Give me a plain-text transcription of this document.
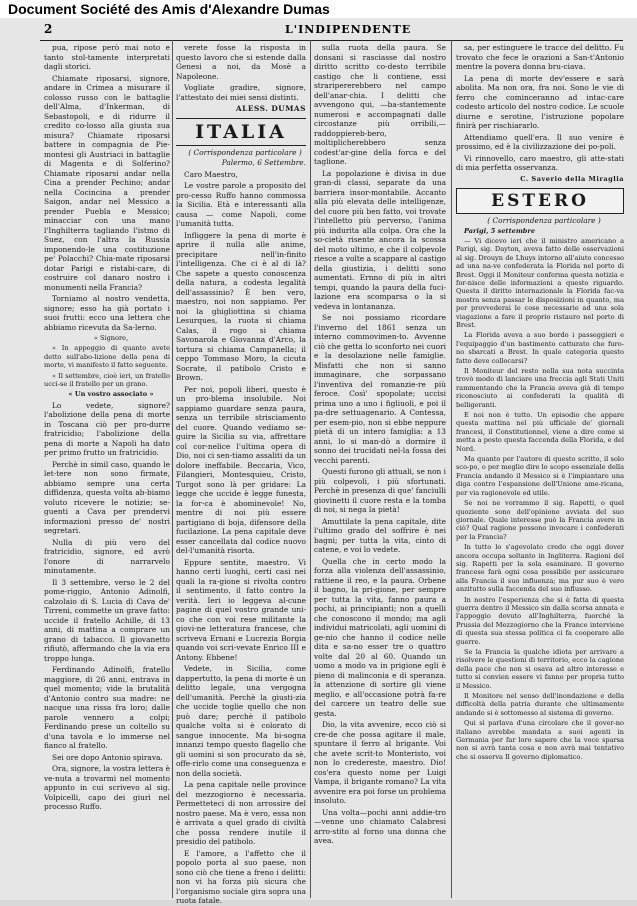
Document Société des Amis d'Alexandre Dumas
2	L'INDIPENDENTE

pua, ripose però mai noto e tanto stol-tamente interpretati dagli storici.

Chiamate riposarsi, signore, andare in Crimea a misurare il colosso russo con le battaglie dell'Alma, d'Inkerman, di Sebastopoli, e di ridurre il credito co-losso alla giusta sua misura? Chiamate riposarsi battere in compagnia de Pie-montesi gli Austriaci in battaglie di Magenta e di Solferino? Chiamate riposarsi andar nella Cina a prender Pechino; andar nella Cocincina a prender Saigon, andar nel Messico a prender Puebla e Messico; minacciar con una mano l'Inghilterra tagliando l'istmo di Suez, con l'altra la Russia imponendo-le una costituzione pe' Polacchi? Chia-mate riposarsi dotar Parigi e ristabi-care, di costruire col danaro nostro i monumenti nella Francia?

Torniamo al nostro vendetta, signore; esso ha già portato i suoi frutti: ecco una lettera che abbiamo ricevuta da Sa-lerno.

« Signore,

« In appoggio di quanto avete detto sull'abo-lizione della pena di morte, vi manifesto il fatto seguente.

« Il settembre, cioè ieri, un fratello ucci-se il fratello per un grano.

« Un vostro associato »

Lo vedete, signore? l'abolizione della pena di morte in Toscana ciò per pro-durre fratricidio; l'abolizione della pena di morte a Napoli ha dato per primo frutto un fratricidio.

Perchè in simil caso, quando le let-tere non sono firmate, abbiamo sempre una certa diffidenza, questa volta ab-biamo voluto ricevere le notizie; se-guenti a Cava per prendervi informazioni presso de' nostri segretari.

Nulla di più vero del fratricidio, signore, ed avrò l'onore di narrarvelo minutamente.

Il 3 settembre, verso le 2 del pome-riggio, Antonio Adinolfi, calzolaio di S. Lucia di Cava de' Tirreni, commette un grave fatto: uccide il fratello Achille, di 13 anni, di mattina a comprare un grano di tabacco. Il giovanetto rifiutò, affermando che la via era troppo lunga.

Ferdinando Adinolfi, fratello maggiore, di 26 anni, entrava in quel momento; vide la brutalità d'Antonio contro sua madre: ne nacque una rissa fra loro; dalle parole vennero a colpi; Ferdinando prese un coltello su d'una tavola e lo immerse nel fianco al fratello.

Sei ore dopo Antonio spirava.

Ora, signore, la vostra lettera è ve-nuta a trovarmi nel momento appunto in cui scrivevo al sig. Volpicelli, capo dei giurì nel processo Ruffo.

verete fosse la risposta in questo lavoro che si estende dalla Genesi a noi, da Mosè a Napoleone.

Vogliate gradire, signore, l'attestato dei miei sensi distinti.

ALESS. DUMAS

ITALIA

( Corrispondenza particolare )

Palermo, 6 Settembre.

Caro Maestro,

Le vostre parole a proposito del pro-cesso Ruffo hanno commossa la Sicilia. Età e interessanti alla causa — come Napoli, come l'umanità tutta.

Infliggere la pena di morte è aprire il nulla alle anime, precipitare nell'in-finito l'intelligenza. Che ci è al di là? Che sapete a questo conoscenza della natura, a codesta legalità dell'assassinio? È ben vero, maestro, noi non sappiamo. Per noi la ghigliottina si chiama Lesurques, la ruota si chiama Calas, il rogo si chiama Savonarola e Giovanna d'Arco, la tortura si chiama Campanella; il ceppo Tommaso Moro, la cicuta Socrate, il patibolo Cristo e Brown.

Per noi, popoli liberi, questo è un pro-blema insolubile. Noi sappiamo guardare senza paura, senza un terribile strisciamento del cuore. Quando vediamo se-guire la Sicilia su via, affrettare col cor-nelice l'ultima opera di Dio, noi ci sen-tiamo assaliti da un dolore ineffabile. Beccaria, Vico, Filangieri, Montesquieu, Cristo, Turgot sono là per gridare: La legge che uccide è legge funesta, la for-ca è abominevole! No, mentre di noi più essere partigiano di boja, difensore della fucilazione. La pena capitale deve esser cancellata dal codice nuovo del-l'umanità risorta.

Eppure sentite, maestro. Vi hanno certi luoghi, certi casi nei quali la ra-gione si rivolta contro il sentimento, il fatto contro la verità. Ieri io leggeva al-cune pagine di quel vostro grande uni-co che con voi rese militante la giovi-ne letteratura francese, che scriveva Ernani e Lucrezia Borgia quando voi scri-vevate Enrico III e Antony. Ebbene!

Vedete, in Sicilia, come dappertutto, la pena di morte è un delitto legale, una vergogna dell'umanità. Perchè la giusti-zia che uccide toglie quello che non può dare; perchè il patibolo qualche volta si è colorato di sangue innocente. Ma bi-sogna innanzi tempo questo flagello che gli uomini si son procurato da sè, offe-rirlo come una conseguenza e non della società.

La pena capitale nelle province del mezzogiorno è necessaria. Permetteteci di non arrossire del nostro paese. Ma è vero, essa non è arrivata a quel grado di civiltà che possa rendere inutile il presidio del patibolo.

E l'amore, a l'affetto che il popolo porta al suo paese, non sono ciò che tiene a freno i delitti: non vi ha forza più sicura che l'organismo sociale gira sopra una ruota fatale.

sulla ruota della paura. Se donsani si rasciasse dal nostro diritto scritto co-desto terribile castigo che li contiene, essi straripererebbero nel campo dell'anar-chia. I delitti che avvengono qui, —ba-stantemente numerosi e accompagnati dalle circostanze più orribili,—raddoppiereb-bero, moltiplicherebbero senza codest'ar-gine della forca e del taglione.

La popolazione è divisa in due gran-di classi, separate da una barriera insor-montabile. Accanto alla più elevata delle intelligenze, del cuore più ben fatto, voi trovate l'intelletto più perverso, l'anima più indurita alla colpa. Ora che la so-cietà risente ancora la scossa del moto ultimo, e che il colpevole riesce a volte a scappare al castigo della giustizia, i delitti sono aumentati. Ernno di più in altri tempi, quando la paura della fuci-lazione era scomparsa o la si vedeva in lontananza.

Se noi possiamo ricordare l'inverno del 1861 senza un interno commovimen-to. Avvenne ciò che getta lo sconforto nei cuori e la desolazione nelle famiglie. Misfatti che non si sanno immaginare, che sorpassano l'inventiva del romanzie-re più feroce. Così' spopolate; uccisi prima uno a uno i figliuoli, e poi il pa-dre settuagenario. A Contessa, per esem-pio, non si ebbe neppure pietà di un intero famiglia: a 13 anni, lo si man-dò a dormire il sonno dei trucidati nel-la fossa dei vecchi parenti.

Questi furono gli attuali, se non i più colpevoli, i più sfortunati. Perchè in presenza di que' fanciulli giovinetti il cuore resta e la tomba di noi, si nega la pietà!

Amuttilate la pena capitale, dite l'ultimo grado del soffrire è nei bagni; per tutta la vita, cinto di catene, e voi lo vedete.

Quella che in certo modo la forza alla violenza dell'assassinio, rattiene il reo, e la paura. Orbene il bagno, la pri-gione, per sempre per tutta la vita, fanno paura a pochi, ai principianti; non a quelli che conoscono il mondo; ma agli individui matricolati, agli uomini di ge-nio che hanno il codice nelle dita e sa-no esser tre o quattro volte dal 20 al 60. Quando un uomo a modo va in prigione egli è pieno di malinconia e di speranza. la attenzione di sortire gli viene meglio, e all'occasione potrà fa-re del carcere un teatro delle sue gesta.

Dio, la vita avvenire, ecco ciò si cre-de che possa agitare il male, spuntare il ferro al brigante. Voi che avete scrit-to Monteristo, voi non lo credereste, maestro. Dio! cos'era questo nome per Luigi Vampa, il brigante romano? La vita avvenire era poi forse un problema insoluto.

Una volta—pochi anni addie-tro—venne uno chiamato Calabresi arro-stito al forno una donna che avea.

sa, per estinguere le tracce del delitto. Fu trovato che fece le orazioni a San-t'Antonio mentre la povera donna bru-ciava.

La pena di morte dev'essere e sarà abolita. Ma non ora, fra noi. Sono le vie di ferro che cominceranno ad intac-care codesto articolo del nostro codice. Le scuole diurne e serotine, l'istruzione popolare finirà per rischiararlo.

Attendiamo quell'era. Il suo venire è prossimo, ed è la civilizzazione dei po-poli.

Vi rinnovello, caro maestro, gli atte-stati di mia perfetta osservanza.

C. Saverio della Miraglia

ESTERO

( Corrispondenza particolare )

Parigi, 5 settembre

— Vi dicevo ieri che il ministro americano a Parigi, sig. Dayton, aveva fatto delle osservazioni al sig. Drouyn de Lhuys intorno all'aiuto concesso ad una na-ve confederata la Florida nel porto di Brest. Oggi il Moniteur conferma questa notizia e for-nisce delle informazioni a questo riguardo. Questa il diritto internazionale la Florida fac-va mostra senza passar le disposizioni in quanto, ma per provvederai le cose necessarie ad una sola viagazione a fare il proprio ristauro nel porto di Brest.

La Florida aveva a suo bordo i passeggieri e l'equipaggio d'un bastimento catturato che furo-no sbarcati a Brest. In quale categoria questo fatto deve collocarsi?

Il Moniteur del resto nella sua nota succinta trovò modo di lanciare una freccia agli Stati Uniti rammentando che la Francia aveva già di tempo riconosciuto ai confederati la qualità di belligeranti.

E noi non è tutto. Un episodio che appare questa mattina nel più ufficiale de' giornali francesi, il Constitutionnel, viene a dire come si metta a posto questa faccenda della Florida, e del Nord.

Ma quanto per l'autore di questo scritto, il solo sco-po, o per meglio dire lo scopo essenziale della Francia andando il Messico si è l'impiantare una diga contro l'espansione dell'Unione ame-ricana, per via ragionevole ed utile.

Se noi ne vorrammo il sig. Rapetti, o quel quoziente sono dell'opinione avviata del suo giornale. Quale interesse può la Francia avere in ciò? Qual ragione possono invocare i confederati per la Francia?

In tutto lo s'agevolato credo che oggi dover ancora occupa soltanto in Ingliterra. Ragioni del sig. Rapetti per la sola esaminare. Il governo francese farà ogni cosa possibile per assicurare alla Francia il suo influenza; ma pur suo è vero anzitutto sulla faccenda del suo influsso.

In nostro l'esperienza che si è fatta di questa guerra dentro il Messico sin dalla scorsa annata e l'appoggio dovuto all'Inghilterra, fuorché la Prussia del Mezzogiorno che la France interviene di questa sua stessa politica ci fa cooperare alle guerre.

Se la Francia la qualche idiota per arrivare a risolvere le questioni di territorio, ecco la cagione della pace che non si osava ad altro interesse e tutto si convien essere vi fanno per propria tutto il Messico.

Il Monitore nel senso dell'inondazione e della difficoltà della patria durante che ultimamente andando si è sottomesso al sistema di governo.

Qui sì parlava d'una circolare che il gover-no italiano avrebbe mandata a suoi agenti in Germania per far loro sapere che la voce sparsa non si avrà tanta cosa e non avrà mai tentativo che si osserva Il governo diplomatico.
